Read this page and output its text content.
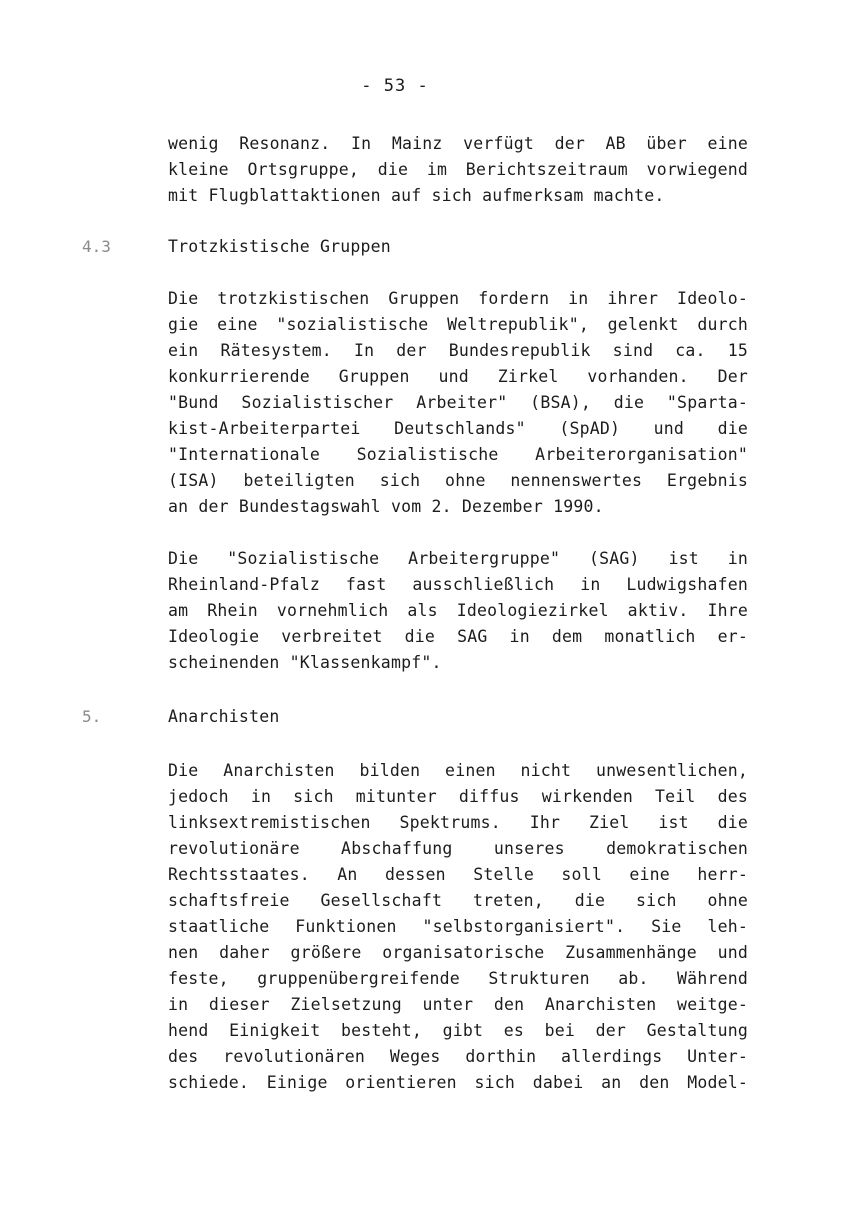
- 53 -
wenig Resonanz. In Mainz verfügt der AB über eine
kleine Ortsgruppe, die im Berichtszeitraum vorwiegend
mit Flugblattaktionen auf sich aufmerksam machte.
4.3	Trotzkistische Gruppen
Die trotzkistischen Gruppen fordern in ihrer Ideolo-
gie eine "sozialistische Weltrepublik", gelenkt durch
ein Rätesystem. In der Bundesrepublik sind ca. 15
konkurrierende Gruppen und Zirkel vorhanden. Der
"Bund Sozialistischer Arbeiter" (BSA), die "Sparta-
kist-Arbeiterpartei Deutschlands" (SpAD) und die
"Internationale Sozialistische Arbeiterorganisation"
(ISA) beteiligten sich ohne nennenswertes Ergebnis
an der Bundestagswahl vom 2. Dezember 1990.
Die "Sozialistische Arbeitergruppe" (SAG) ist in
Rheinland-Pfalz fast ausschließlich in Ludwigshafen
am Rhein vornehmlich als Ideologiezirkel aktiv. Ihre
Ideologie verbreitet die SAG in dem monatlich er-
scheinenden "Klassenkampf".
5.	Anarchisten
Die Anarchisten bilden einen nicht unwesentlichen,
jedoch in sich mitunter diffus wirkenden Teil des
linksextremistischen Spektrums. Ihr Ziel ist die
revolutionäre Abschaffung unseres demokratischen
Rechtsstaates. An dessen Stelle soll eine herr-
schaftsfreie Gesellschaft treten, die sich ohne
staatliche Funktionen "selbstorganisiert". Sie leh-
nen daher größere organisatorische Zusammenhänge und
feste, gruppenübergreifende Strukturen ab. Während
in dieser Zielsetzung unter den Anarchisten weitge-
hend Einigkeit besteht, gibt es bei der Gestaltung
des revolutionären Weges dorthin allerdings Unter-
schiede. Einige orientieren sich dabei an den Model-
